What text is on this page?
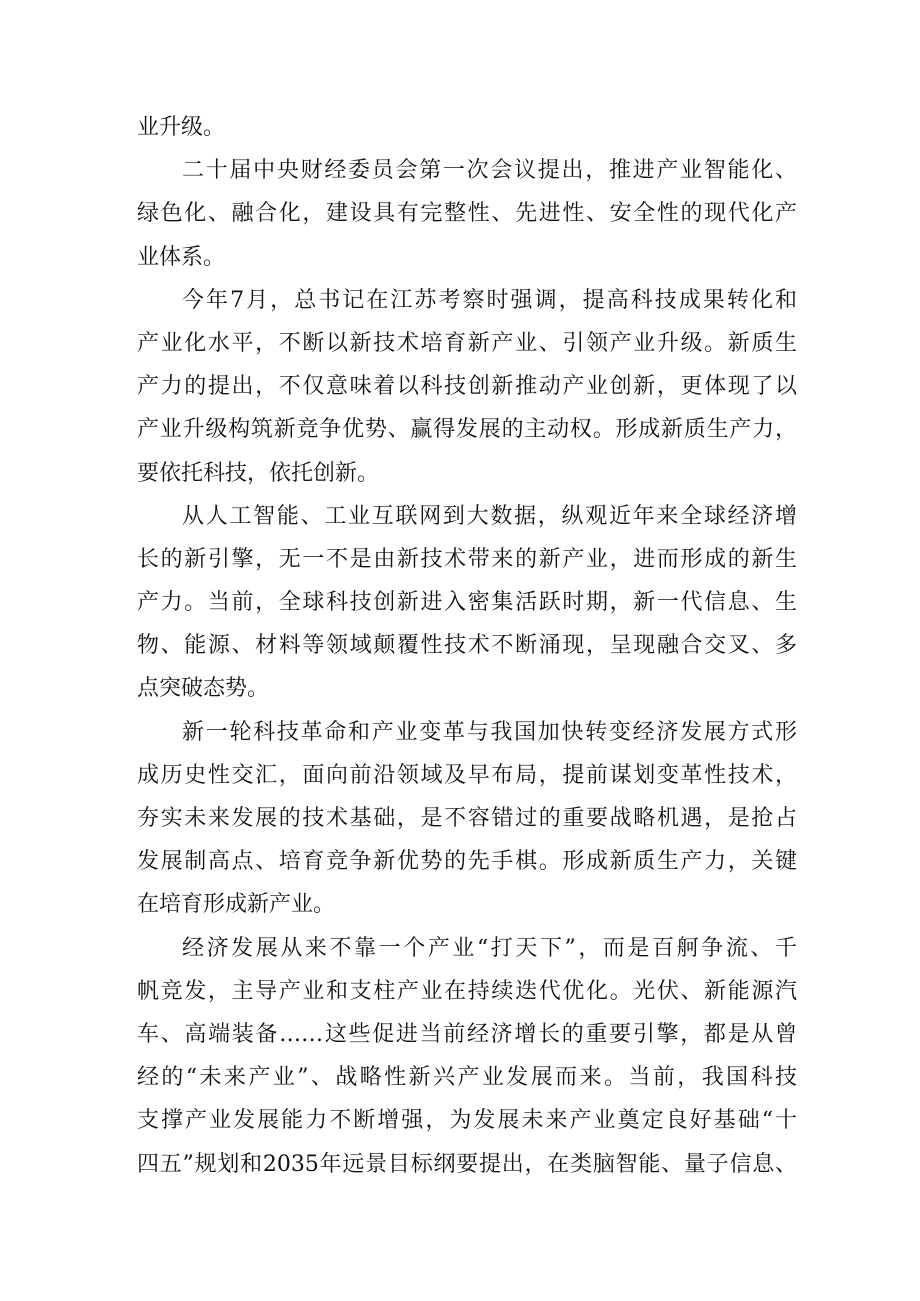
业升级。
二十届中央财经委员会第一次会议提出，推进产业智能化、
绿色化、融合化，建设具有完整性、先进性、安全性的现代化产
业体系。
今年7月，总书记在江苏考察时强调，提高科技成果转化和
产业化水平，不断以新技术培育新产业、引领产业升级。新质生
产力的提出，不仅意味着以科技创新推动产业创新，更体现了以
产业升级构筑新竞争优势、赢得发展的主动权。形成新质生产力，
要依托科技，依托创新。
从人工智能、工业互联网到大数据，纵观近年来全球经济增
长的新引擎，无一不是由新技术带来的新产业，进而形成的新生
产力。当前，全球科技创新进入密集活跃时期，新一代信息、生
物、能源、材料等领域颠覆性技术不断涌现，呈现融合交叉、多
点突破态势。
新一轮科技革命和产业变革与我国加快转变经济发展方式形
成历史性交汇，面向前沿领域及早布局，提前谋划变革性技术，
夯实未来发展的技术基础，是不容错过的重要战略机遇，是抢占
发展制高点、培育竞争新优势的先手棋。形成新质生产力，关键
在培育形成新产业。
经济发展从来不靠一个产业“打天下”，而是百舸争流、千
帆竞发，主导产业和支柱产业在持续迭代优化。光伏、新能源汽
车、高端装备……这些促进当前经济增长的重要引擎，都是从曾
经的“未来产业”、战略性新兴产业发展而来。当前，我国科技
支撑产业发展能力不断增强，为发展未来产业奠定良好基础“十
四五”规划和2035年远景目标纲要提出，在类脑智能、量子信息、
